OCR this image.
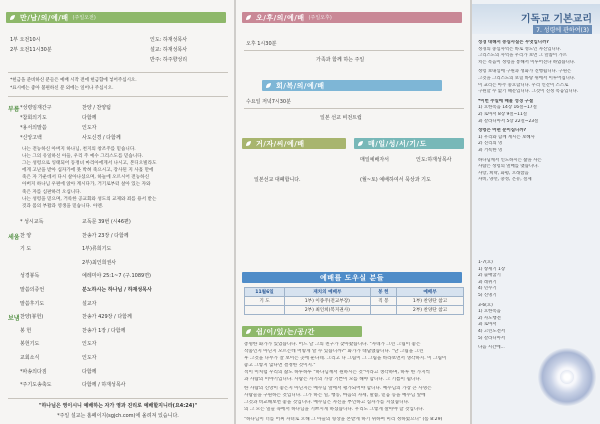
만/남/의/예/배 (주일오전)
1부 오전10시	인도: 하재성목사
2부 오전11시30분	설교: 하재성목사
반주: 하주향성리
*헌금을 준비하신 분들은 예배 시작 전에 헌금함에 넣어주십시오.
*표시에는 좋아 불편하신 분 외에는 일어나 주십시오.
부름 *성령임재간구	찬양 / 찬양팀
*참회의기도	다함께
*용서의말씀	인도자
*신앙고백	사도신경 / 다함께
나는 전능하신 아버지 하나님, 천지의 창조주를 믿습니다.
나는 그의 유일하신 아들, 우리 주 예수 그리스도를 믿습니다.
그는 성령으로 잉태되어 동정녀 마리아에게서 나시고, 본디오빌라도
에게 고난을 받아 십자가에 못 박혀 죽으시고, 장사된 지 사흘 만에
죽은 자 가운데서 다시 살아나셨으며, 하늘에 오르시어 전능하신
아버지 하나님 우편에 앉아 계시다가, 거기로부터 살아 있는 자와
죽은 자를 심판하러 오십니다.
나는 성령을 믿으며, 거룩한 공교회와 성도의 교제와 죄를 용서 받는
것과 몸의 부활과 영생을 믿습니다. 아멘.
* 성시교독	교독문 39번 (시46편)
세움 찬 양	찬송가 23장 / 다함께
기 도	1부)류희기도
2부)최인희권사
성경봉독	예레미야 25:1~7 (구.1089면)
말씀의증언	분노하시는 하나님 / 하재성목사
말씀후기도	설교자
보냄 찬양(봉헌)	찬송가 429장 / 다함께
봉 헌	찬송가 1장 / 다함께
봉헌기도	인도자
교회소식	인도자
*파송의다짐	다함께
*주기도송축도	다함께 / 하재성목사
"하나님은 영이시니 예배하는 자가 영과 진리로 예배할지니라(요4:24)"
*주일 설교는 홈페이지(sgjch.com)에 올려져 있습니다.
오/후/의/예/배 (주일오후)
오후 1시30분
가족과 함께 하는 주일
회/복/의/예/배
수요일 저녁7시30분
일본 선교 비전트립
거/자/씨/예/배
일본선교 대폐합니다.
매/일/성/서/기/도
매일예배자서	인도:하재성목사
(월~토) 예배하여서 묵상과 기도
예배를 도우실 분들
11월6일	재치의 예배부	봉 헌	예배부
기 도	1부) 이종주(전교부장)	직 봉	1부) 찬양단 참고
	2부) 최인희(복지권사)		2부) 찬양단 참고
쉼/이/있/는/공/간
총명한 화가가 있었습니다. 어느 날 그의 친구가 찾아왔습니다. "자네가 그린 그림이 좋은
작품인지 아닌지 모르는데 어떻게 알 수 있습니까?" 화가가 대답했습니다. "난 그림을 그린
후 그것을 나무가 잘 보이는 곳에 둔다네. 그리고 나 그림이 그 그림을 바라보면서 생각하지. 이 그림이
좋고 그렇지 않다면 결정한 것이지."
적이 이처럼 우리의 삶도 하루하루 "하나님께서 원하시는 것"이라고 생각하며, 하루 한 가지씩
과 사람의 이야기입니다. 사람은 자기의 가장 기쁜이 모를 해야 합니다. 그 기쁨이 됩니다.
한 사람의 신앙이 좋은지 아닌지는 예수님 앞에서 평가되어야 합니다. 예수님의 가장 큰 사명은
사람들을 구원하는 것입니다. 그가 하는 일, 행동, 마음의 자세, 말씀, 믿음 등을 예수님 앞에
그것과 비교해보면 좋을 것입니다. 예수님은 자신을 부인하고 십자가를 지셨습니다.
의 그 모든 일들 속에서 하나님을 기쁘시게 하셨습니다. 우리도 그렇게 살아야 할 것입니다.
"하나님이 너를 어찌 자녀로 오해 그 아들의 형상을 본받게 하기 위하여 미리 정하였으니" (롬 8:29)
기독교 기본교리
7. 성령에 관하여(3)
성경 대해서 중심사실은 무엇입니까?
성경의 중심사역은 바로 성도인 자신입니다.
그리스도의 사역을 우리가 보면 그 말씀이 가르
치는 복음이 성령을 통해서 이루어진다 하였습니다.
성령 보내심에 구원과 성화가 진행됩니다. 구원은
그것을 그리스도의 보혈 바탕 위에서 이루어집니다.
이 교리는 아주 중요합니다. 우리 인간이 스스로
구원할 수 없기 때문입니다. 그것이 진정 복음입니다.
*이번 주일에 배울 성경 구절
1) 요한복음 14장 16절~17절
2) 로마서 8장 9절~11절
3) 갈라디아서 5장 22절~23절
성령은 어떤 분이십니까?
1) 우리와 함께 계시는 보혜사
2) 진리의 영
3) 거룩한 영
하나님께서 인도하시는 삶을 사는
사람은 성령의 열매를 맺습니다.
사랑, 희락, 화평, 오래참음
자비, 양선, 충성, 온유, 절제
1-7(요)
1) 창세기 1장
2) 출애굽기
3) 레위기
4) 민수기
5) 신명기
3-6(요)
1) 요한복음
2) 사도행전
3) 로마서
4) 고린도전서
5) 갈라디아서
다음 시간에...
